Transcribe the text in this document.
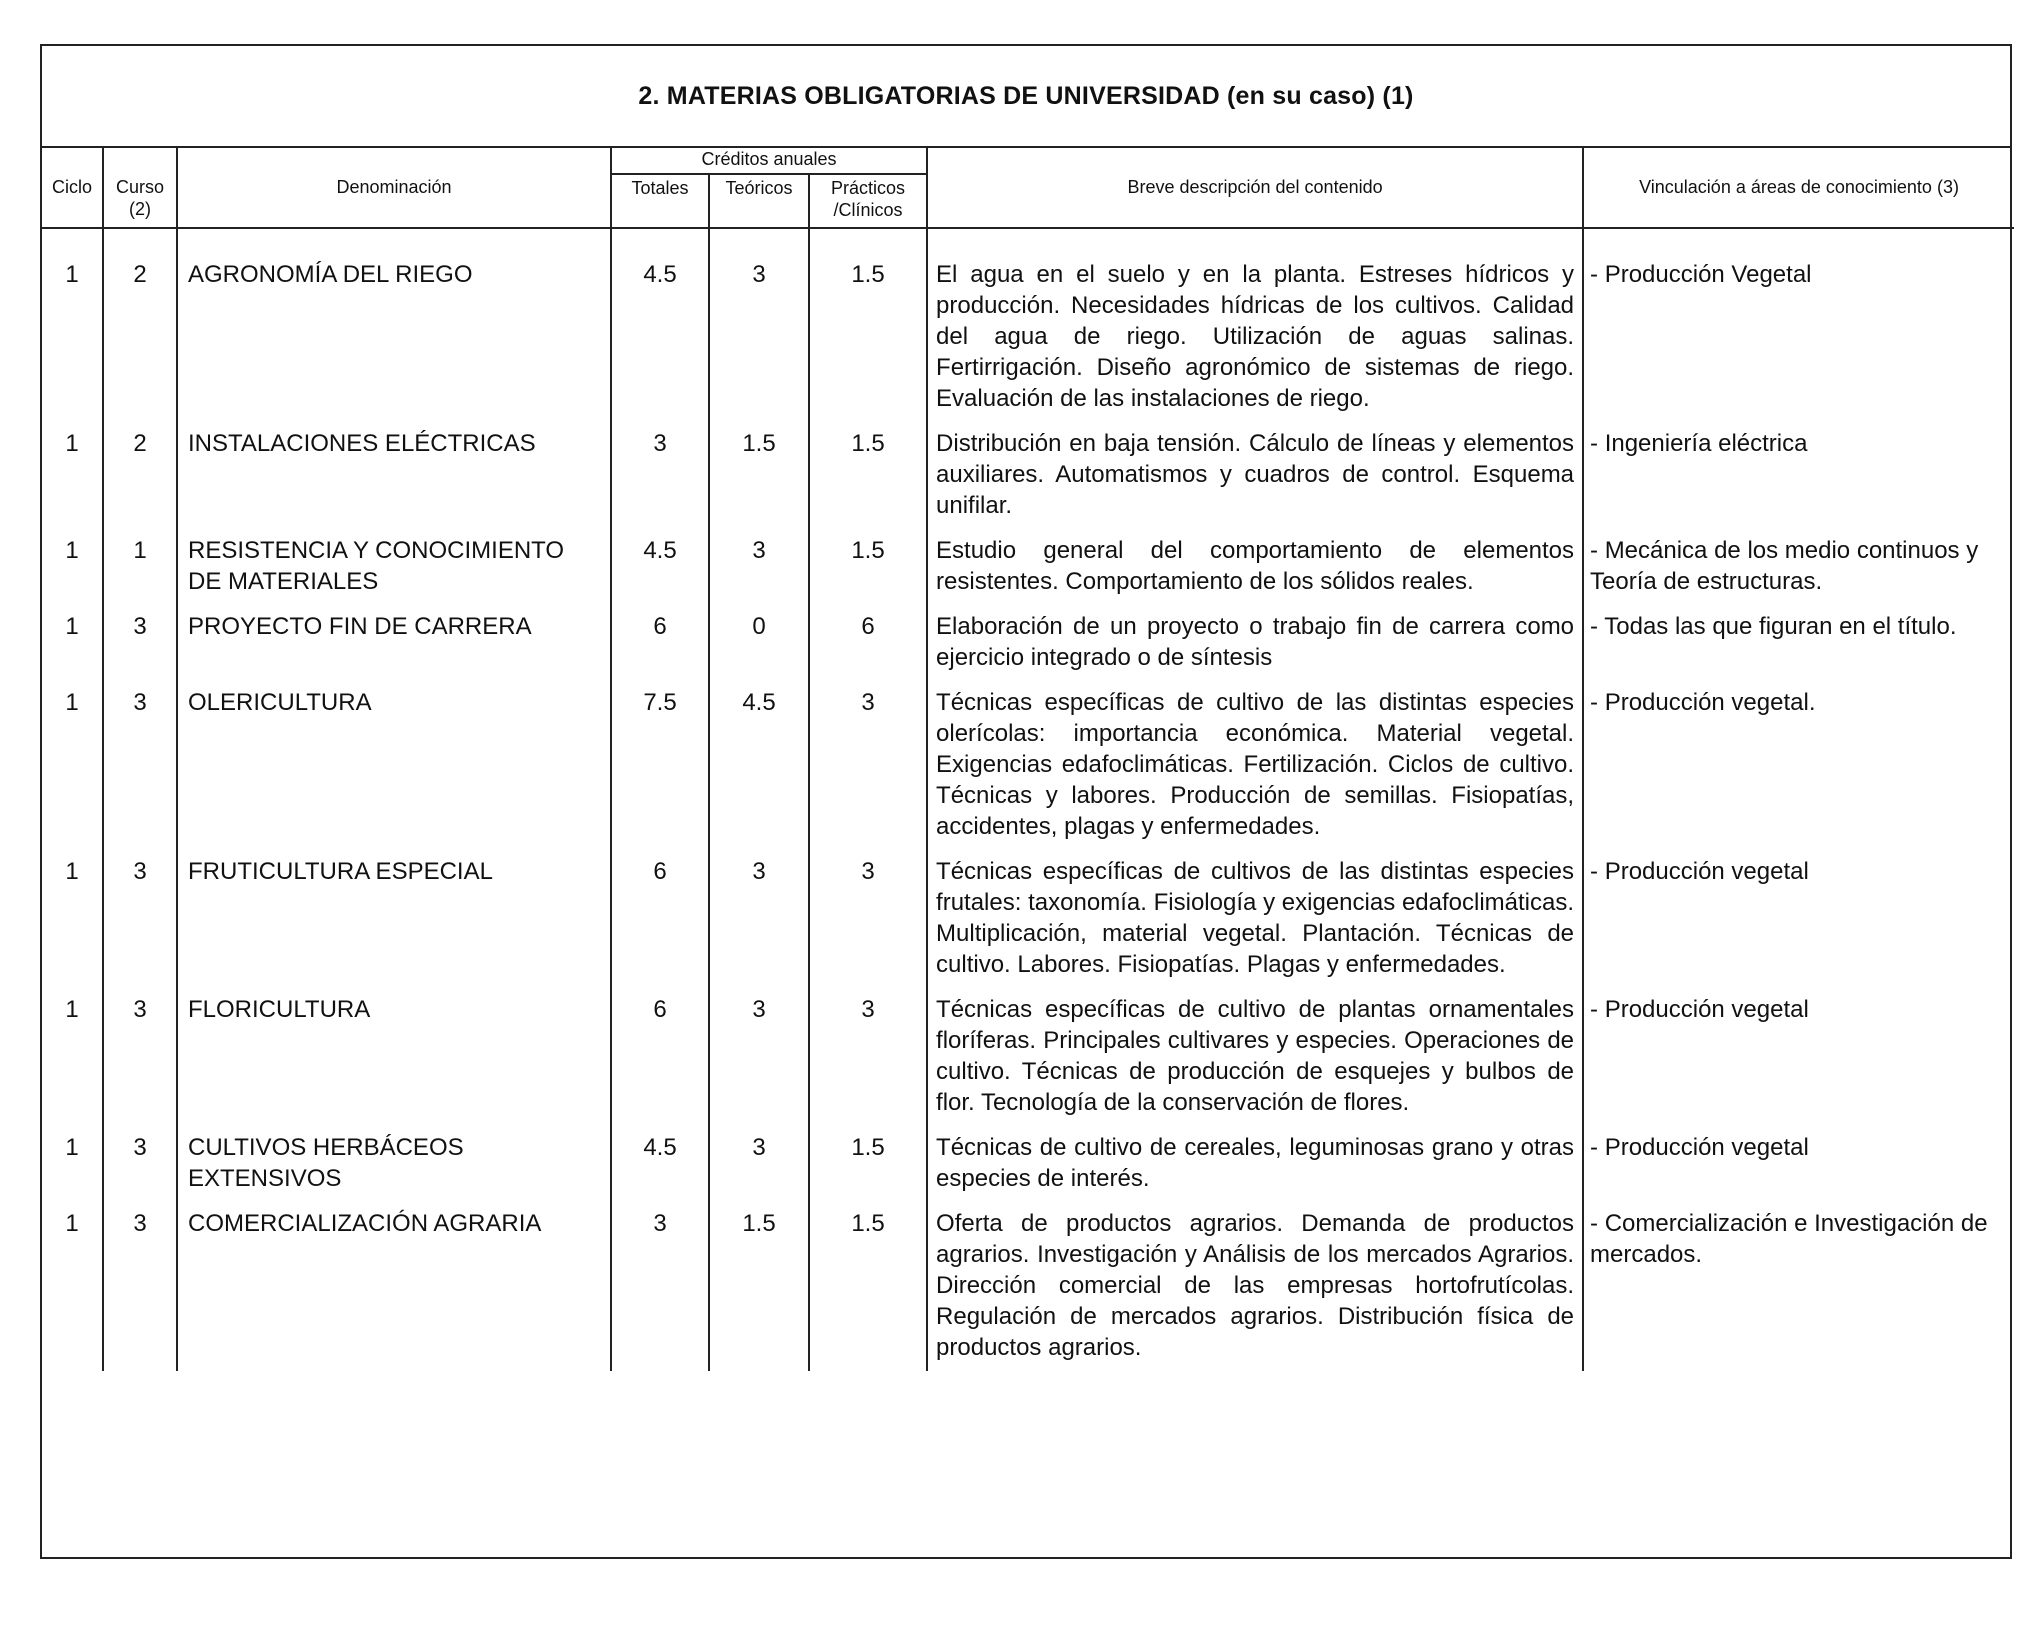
2. MATERIAS OBLIGATORIAS DE UNIVERSIDAD (en su caso) (1)
			Créditos anuales				
Ciclo	Curso (2)	Denominación	Totales	Teóricos	Prácticos /Clínicos	Breve descripción del contenido	Vinculación a áreas de conocimiento (3)
1	2	AGRONOMÍA DEL RIEGO	4.5	3	1.5	El agua en el suelo y en la planta. Estreses hídricos y producción. Necesidades hídricas de los cultivos. Calidad del agua de riego. Utilización de aguas salinas. Fertirrigación. Diseño agronómico de sistemas de riego. Evaluación de las instalaciones de riego.	- Producción Vegetal
1	2	INSTALACIONES ELÉCTRICAS	3	1.5	1.5	Distribución en baja tensión. Cálculo de líneas y elementos auxiliares. Automatismos y cuadros de control. Esquema unifilar.	- Ingeniería eléctrica
1	1	RESISTENCIA Y CONOCIMIENTO DE MATERIALES	4.5	3	1.5	Estudio general del comportamiento de elementos resistentes. Comportamiento de los sólidos reales.	- Mecánica de los medio continuos y Teoría de estructuras.
1	3	PROYECTO FIN DE CARRERA	6	0	6	Elaboración de un proyecto o trabajo fin de carrera como ejercicio integrado o de síntesis	- Todas las que figuran en el título.
1	3	OLERICULTURA	7.5	4.5	3	Técnicas específicas de cultivo de las distintas especies olerícolas: importancia económica. Material vegetal. Exigencias edafoclimáticas. Fertilización. Ciclos de cultivo. Técnicas y labores. Producción de semillas. Fisiopatías, accidentes, plagas y enfermedades.	- Producción vegetal.
1	3	FRUTICULTURA ESPECIAL	6	3	3	Técnicas específicas de cultivos de las distintas especies frutales: taxonomía. Fisiología y exigencias edafoclimáticas. Multiplicación, material vegetal. Plantación. Técnicas de cultivo. Labores. Fisiopatías. Plagas y enfermedades.	- Producción vegetal
1	3	FLORICULTURA	6	3	3	Técnicas específicas de cultivo de plantas ornamentales floríferas. Principales cultivares y especies. Operaciones de cultivo. Técnicas de producción de esquejes y bulbos de flor. Tecnología de la conservación de flores.	- Producción vegetal
1	3	CULTIVOS HERBÁCEOS EXTENSIVOS	4.5	3	1.5	Técnicas de cultivo de cereales, leguminosas grano y otras especies de interés.	- Producción vegetal
1	3	COMERCIALIZACIÓN AGRARIA	3	1.5	1.5	Oferta de productos agrarios. Demanda de productos agrarios. Investigación y Análisis de los mercados Agrarios. Dirección comercial de las empresas hortofrutícolas. Regulación de mercados agrarios. Distribución física de productos agrarios.	- Comercialización e Investigación de mercados.
